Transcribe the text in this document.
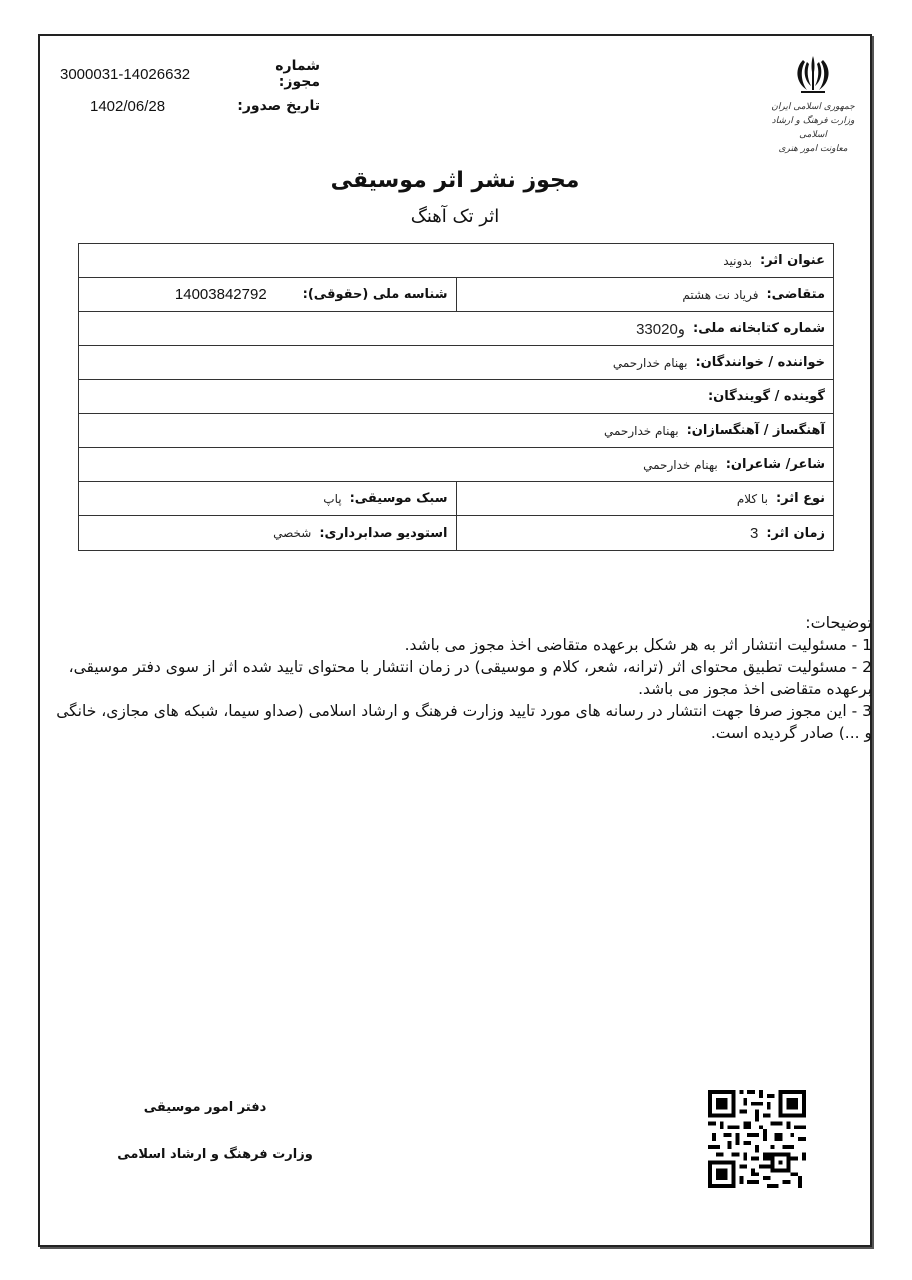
3000031-14026632	شماره مجوز:
1402/06/28	تاریخ صدور:	جمهوری اسلامی ایران
وزارت فرهنگ و ارشاد اسلامی
معاونت امور هنری
مجوز نشر اثر موسیقی
اثر تک آهنگ
عنوان اثر:
بدونید
متقاضی:
فریاد نت هشتم
شناسه ملی (حقوقی):
14003842792
شماره کتابخانه ملی:
و33020
خواننده / خوانندگان:
بهنام خدارحمي
گوینده / گویندگان:
آهنگساز / آهنگسازان:
بهنام خدارحمي
شاعر/ شاعران:
بهنام خدارحمي
نوع اثر:
با کلام
سبک موسیقی:
پاپ
زمان اثر:
3
استودیو صدابرداری:
شخصي
توضیحات:

1 - مسئولیت انتشار اثر به هر شکل برعهده متقاضی اخذ مجوز می باشد.

2 - مسئولیت تطبیق محتوای اثر (ترانه، شعر، کلام و موسیقی) در زمان انتشار با محتوای تایید شده اثر از سوی دفتر موسیقی، برعهده متقاضی اخذ مجوز می باشد.

3 - این مجوز صرفا جهت انتشار در رسانه های مورد تایید وزارت فرهنگ و ارشاد اسلامی (صداو سیما، شبکه های مجازی، خانگی و ...) صادر گردیده است.

دفتر امور موسیقی
وزارت فرهنگ و ارشاد اسلامی
